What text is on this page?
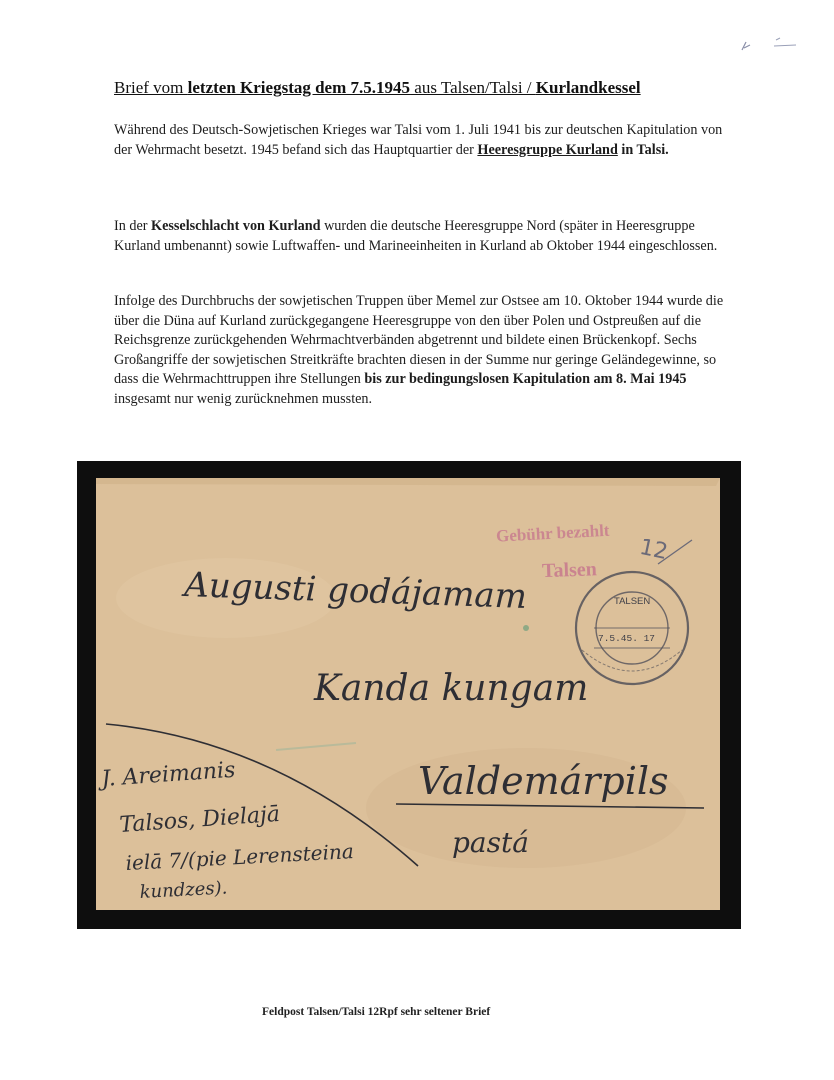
Brief vom letzten Kriegstag dem 7.5.1945 aus Talsen/Talsi / Kurlandkessel
Während des Deutsch-Sowjetischen Krieges war Talsi vom 1. Juli 1941 bis zur deutschen Kapitulation von der Wehrmacht besetzt. 1945 befand sich das Hauptquartier der Heeresgruppe Kurland in Talsi.
In der Kesselschlacht von Kurland wurden die deutsche Heeresgruppe Nord (später in Heeresgruppe Kurland umbenannt) sowie Luftwaffen- und Marineeinheiten in Kurland ab Oktober 1944 eingeschlossen.
Infolge des Durchbruchs der sowjetischen Truppen über Memel zur Ostsee am 10. Oktober 1944 wurde die über die Düna auf Kurland zurückgegangene Heeresgruppe von den über Polen und Ostpreußen auf die Reichsgrenze zurückgehenden Wehrmachtverbänden abgetrennt und bildete einen Brückenkopf. Sechs Großangriffe der sowjetischen Streitkräfte brachten diesen in der Summe nur geringe Geländegewinne, so dass die Wehrmachttruppen ihre Stellungen bis zur bedingungslosen Kapitulation am 8. Mai 1945 insgesamt nur wenig zurücknehmen mussten.
Gebühr bezahlt
Talsen
12
TALSEN
7.5.45. 17
Augusti godájamam
Kanda kungam
Valdemárpils
pastá
J. Areimanis
Talsos, Dielajā
ielā 7/(pie Lerensteina
kundzes).
Feldpost Talsen/Talsi 12Rpf sehr seltener Brief
